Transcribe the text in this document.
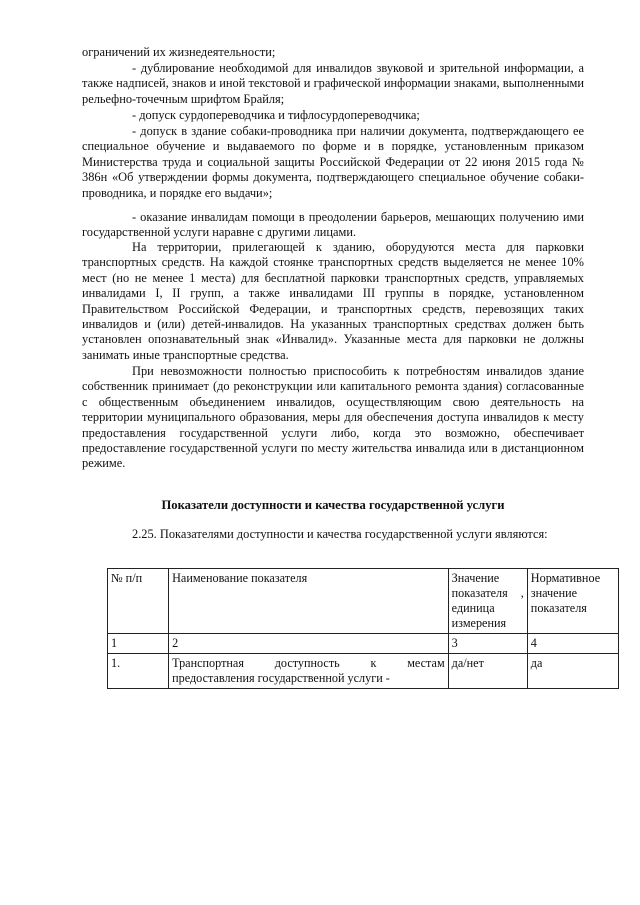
ограничений их жизнедеятельности;

- дублирование необходимой для инвалидов звуковой и зрительной информации, а также надписей, знаков и иной текстовой и графической информации знаками, выполненными рельефно-точечным шрифтом Брайля;

- допуск сурдопереводчика и тифлосурдопереводчика;

- допуск в здание собаки-проводника при наличии документа, подтверждающего ее специальное обучение и выдаваемого по форме и в порядке, установленным приказом Министерства труда и социальной защиты Российской Федерации от 22 июня 2015 года № 386н «Об утверждении формы документа, подтверждающего специальное обучение собаки-проводника, и порядке его выдачи»;

- оказание инвалидам помощи в преодолении барьеров, мешающих получению ими государственной услуги наравне с другими лицами.

На территории, прилегающей к зданию, оборудуются места для парковки транспортных средств. На каждой стоянке транспортных средств выделяется не менее 10% мест (но не менее 1 места) для бесплатной парковки транспортных средств, управляемых инвалидами I, II групп, а также инвалидами III группы в порядке, установленном Правительством Российской Федерации, и транспортных средств, перевозящих таких инвалидов и (или) детей-инвалидов. На указанных транспортных средствах должен быть установлен опознавательный знак «Инвалид». Указанные места для парковки не должны занимать иные транспортные средства.

При невозможности полностью приспособить к потребностям инвалидов здание собственник принимает (до реконструкции или капитального ремонта здания) согласованные с общественным объединением инвалидов, осуществляющим свою деятельность на территории муниципального образования, меры для обеспечения доступа инвалидов к месту предоставления государственной услуги либо, когда это возможно, обеспечивает предоставление государственной услуги по месту жительства инвалида или в дистанционном режиме.

Показатели доступности и качества государственной услуги

2.25. Показателями доступности и качества государственной услуги являются:

№ п/п	Наименование показателя	Значение показателя , единица измерения	Нормативное значение показателя
1	2	3	4
1.	Транспортная доступность к местам предоставления государственной услуги -	да/нет	да
